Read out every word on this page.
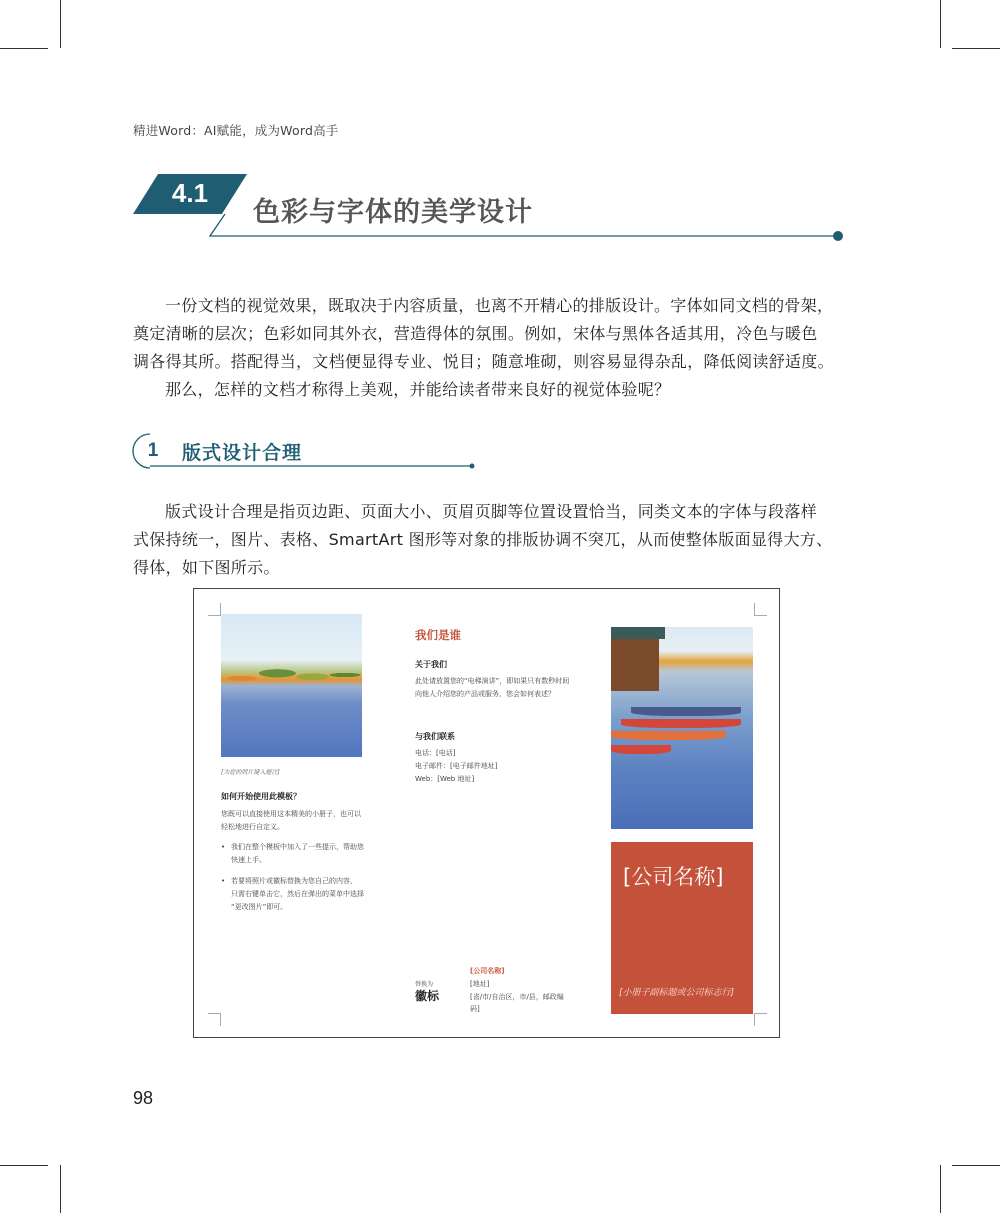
精进Word：AI赋能，成为Word高手
4.1
色彩与字体的美学设计

一份文档的视觉效果，既取决于内容质量，也离不开精心的排版设计。字体如同文档的骨架，

奠定清晰的层次；色彩如同其外衣，营造得体的氛围。例如，宋体与黑体各适其用，冷色与暖色

调各得其所。搭配得当，文档便显得专业、悦目；随意堆砌，则容易显得杂乱，降低阅读舒适度。

那么，怎样的文档才称得上美观，并能给读者带来良好的视觉体验呢？

1	版式设计合理

版式设计合理是指页边距、页面大小、页眉页脚等位置设置恰当，同类文本的字体与段落样

式保持统一，图片、表格、SmartArt 图形等对象的排版协调不突兀，从而使整体版面显得大方、

得体，如下图所示。

[为您的照片键入题注]
如何开始使用此模板？
您既可以直接使用这本精美的小册子，也可以
轻松地进行自定义。
• 我们在整个模板中加入了一些提示，帮助您
快速上手。
• 若要将照片或徽标替换为您自己的内容，
只需右键单击它，然后在弹出的菜单中选择
“更改图片”即可。
我们是谁
关于我们
此处请放置您的“电梯演讲”，即如果只有数秒时间
向他人介绍您的产品或服务，您会如何表述？
与我们联系
电话：[电话]
电子邮件：[电子邮件地址]
Web：[Web 地址]
替换为
徽标
[公司名称]
[地址]
[省/市/自治区，市/县，邮政编
码]
[公司名称]
[小册子副标题或公司标志行]
98
